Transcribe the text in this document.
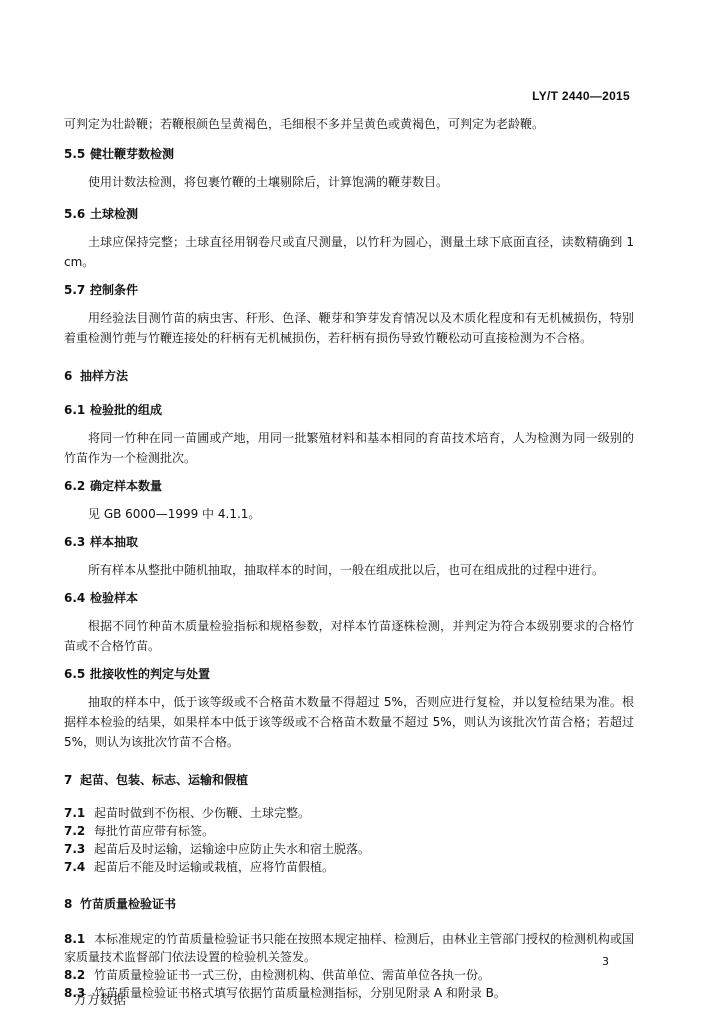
LY/T 2440—2015

可判定为壮龄鞭；若鞭根颜色呈黄褐色，毛细根不多并呈黄色或黄褐色，可判定为老龄鞭。

5.5 健壮鞭芽数检测

使用计数法检测，将包裹竹鞭的土壤剔除后，计算饱满的鞭芽数目。

5.6 土球检测

土球应保持完整；土球直径用钢卷尺或直尺测量，以竹秆为圆心，测量土球下底面直径，读数精确到 1 cm。

5.7 控制条件

用经验法目测竹苗的病虫害、秆形、色泽、鞭芽和笋芽发育情况以及木质化程度和有无机械损伤，特别着重检测竹蔸与竹鞭连接处的秆柄有无机械损伤，若秆柄有损伤导致竹鞭松动可直接检测为不合格。

6 抽样方法

6.1 检验批的组成

将同一竹种在同一苗圃或产地，用同一批繁殖材料和基本相同的育苗技术培育，人为检测为同一级别的竹苗作为一个检测批次。

6.2 确定样本数量

见 GB 6000—1999 中 4.1.1。

6.3 样本抽取

所有样本从整批中随机抽取，抽取样本的时间，一般在组成批以后，也可在组成批的过程中进行。

6.4 检验样本

根据不同竹种苗木质量检验指标和规格参数，对样本竹苗逐株检测，并判定为符合本级别要求的合格竹苗或不合格竹苗。

6.5 批接收性的判定与处置

抽取的样本中，低于该等级或不合格苗木数量不得超过 5%，否则应进行复检，并以复检结果为准。根据样本检验的结果，如果样本中低于该等级或不合格苗木数量不超过 5%，则认为该批次竹苗合格；若超过 5%，则认为该批次竹苗不合格。

7 起苗、包装、标志、运输和假植

7.1 起苗时做到不伤根、少伤鞭、土球完整。

7.2 每批竹苗应带有标签。

7.3 起苗后及时运输，运输途中应防止失水和宿土脱落。

7.4 起苗后不能及时运输或栽植，应将竹苗假植。

8 竹苗质量检验证书

8.1 本标准规定的竹苗质量检验证书只能在按照本规定抽样、检测后，由林业主管部门授权的检测机构或国家质量技术监督部门依法设置的检验机关签发。

8.2 竹苗质量检验证书一式三份，由检测机构、供苗单位、需苗单位各执一份。

8.3 竹苗质量检验证书格式填写依据竹苗质量检测指标，分别见附录 A 和附录 B。

3
万方数据
